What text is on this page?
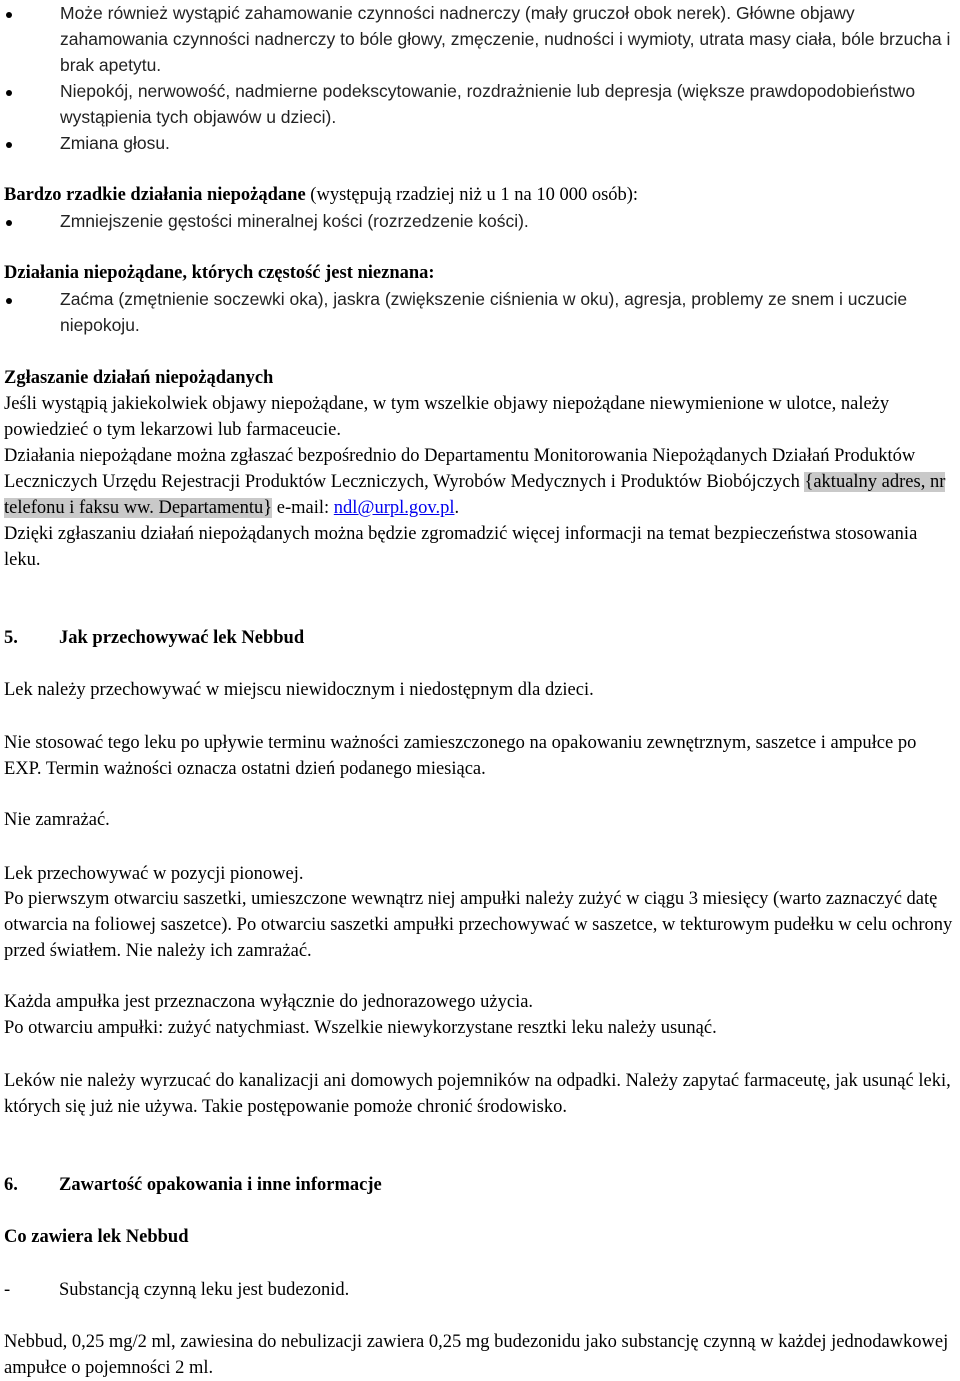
Może również wystąpić zahamowanie czynności nadnerczy (mały gruczoł obok nerek). Główne objawy zahamowania czynności nadnerczy to bóle głowy, zmęczenie, nudności i wymioty, utrata masy ciała, bóle brzucha i brak apetytu.
Niepokój, nerwowość, nadmierne podekscytowanie, rozdrażnienie lub depresja (większe prawdopodobieństwo wystąpienia tych objawów u dzieci).
Zmiana głosu.

Bardzo rzadkie działania niepożądane (występują rzadziej niż u 1 na 10 000 osób):

Zmniejszenie gęstości mineralnej kości (rozrzedzenie kości).

Działania niepożądane, których częstość jest nieznana:

Zaćma (zmętnienie soczewki oka), jaskra (zwiększenie ciśnienia w oku), agresja, problemy ze snem i uczucie niepokoju.

Zgłaszanie działań niepożądanych

Jeśli wystąpią jakiekolwiek objawy niepożądane, w tym wszelkie objawy niepożądane niewymienione w ulotce, należy powiedzieć o tym lekarzowi lub farmaceucie.

Działania niepożądane można zgłaszać bezpośrednio do Departamentu Monitorowania Niepożądanych Działań Produktów Leczniczych Urzędu Rejestracji Produktów Leczniczych, Wyrobów Medycznych i Produktów Biobójczych {aktualny adres, nr telefonu i faksu ww. Departamentu} e-mail: ndl@urpl.gov.pl.

Dzięki zgłaszaniu działań niepożądanych można będzie zgromadzić więcej informacji na temat bezpieczeństwa stosowania leku.

5. Jak przechowywać lek Nebbud

Lek należy przechowywać w miejscu niewidocznym i niedostępnym dla dzieci.

Nie stosować tego leku po upływie terminu ważności zamieszczonego na opakowaniu zewnętrznym, saszetce i ampułce po EXP. Termin ważności oznacza ostatni dzień podanego miesiąca.

Nie zamrażać.

Lek przechowywać w pozycji pionowej.

Po pierwszym otwarciu saszetki, umieszczone wewnątrz niej ampułki należy zużyć w ciągu 3 miesięcy (warto zaznaczyć datę otwarcia na foliowej saszetce). Po otwarciu saszetki ampułki przechowywać w saszetce, w tekturowym pudełku w celu ochrony przed światłem. Nie należy ich zamrażać.

Każda ampułka jest przeznaczona wyłącznie do jednorazowego użycia.

Po otwarciu ampułki: zużyć natychmiast. Wszelkie niewykorzystane resztki leku należy usunąć.

Leków nie należy wyrzucać do kanalizacji ani domowych pojemników na odpadki. Należy zapytać farmaceutę, jak usunąć leki, których się już nie używa. Takie postępowanie pomoże chronić środowisko.

6. Zawartość opakowania i inne informacje

Co zawiera lek Nebbud

-	Substancją czynną leku jest budezonid.

Nebbud, 0,25 mg/2 ml, zawiesina do nebulizacji zawiera 0,25 mg budezonidu jako substancję czynną w każdej jednodawkowej ampułce o pojemności 2 ml.
